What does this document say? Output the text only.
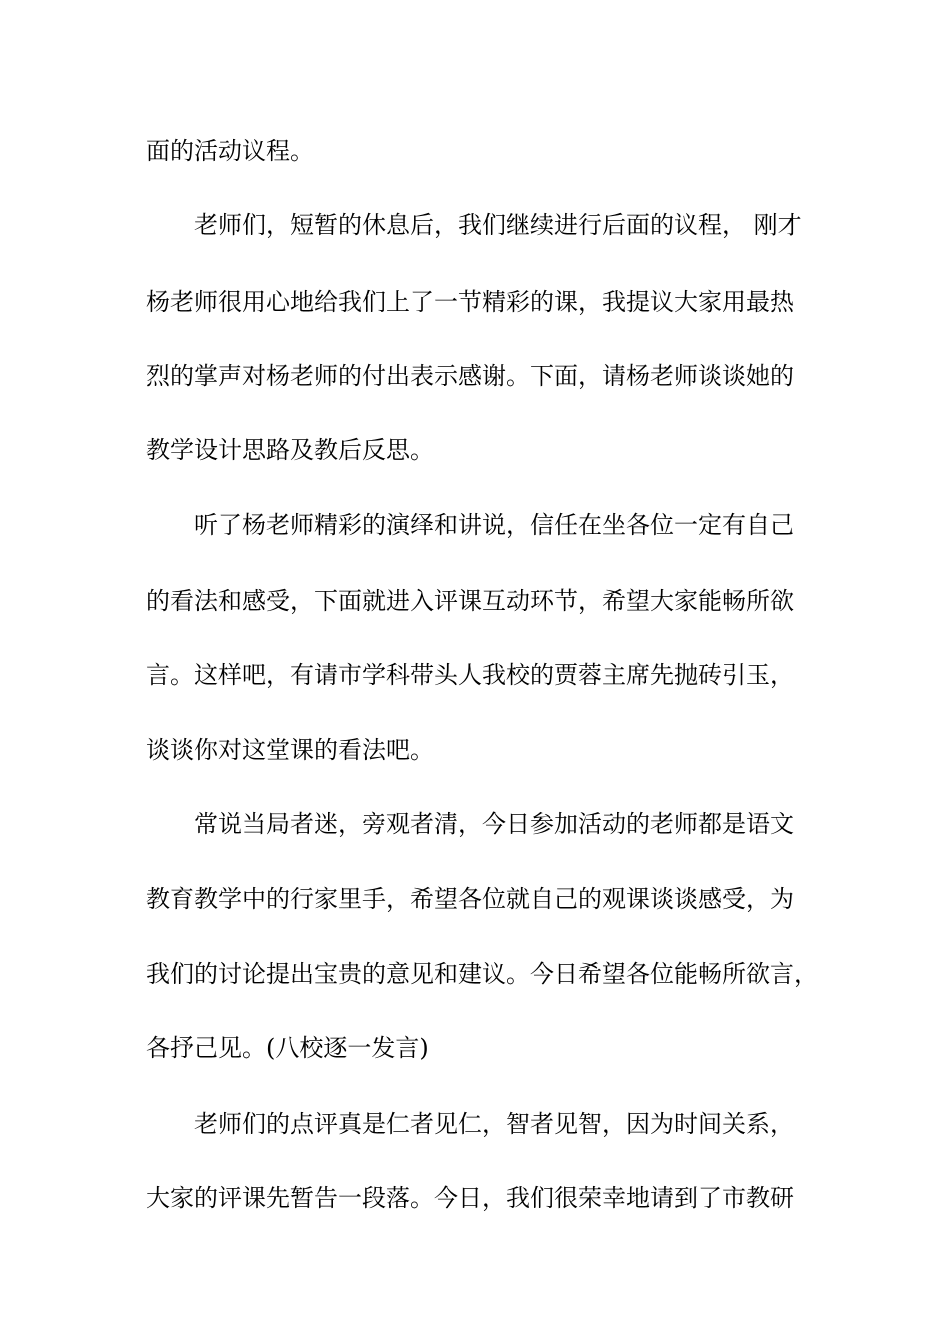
面的活动议程。
老师们，短暂的休息后，我们继续进行后面的议程， 刚才
杨老师很用心地给我们上了一节精彩的课，我提议大家用最热
烈的掌声对杨老师的付出表示感谢。下面，请杨老师谈谈她的
教学设计思路及教后反思。
听了杨老师精彩的演绎和讲说，信任在坐各位一定有自己
的看法和感受，下面就进入评课互动环节，希望大家能畅所欲
言。这样吧，有请市学科带头人我校的贾蓉主席先抛砖引玉，
谈谈你对这堂课的看法吧。
常说当局者迷，旁观者清，今日参加活动的老师都是语文
教育教学中的行家里手，希望各位就自己的观课谈谈感受，为
我们的讨论提出宝贵的意见和建议。今日希望各位能畅所欲言，
各抒己见。(八校逐一发言)
老师们的点评真是仁者见仁，智者见智，因为时间关系，
大家的评课先暂告一段落。今日，我们很荣幸地请到了市教研
